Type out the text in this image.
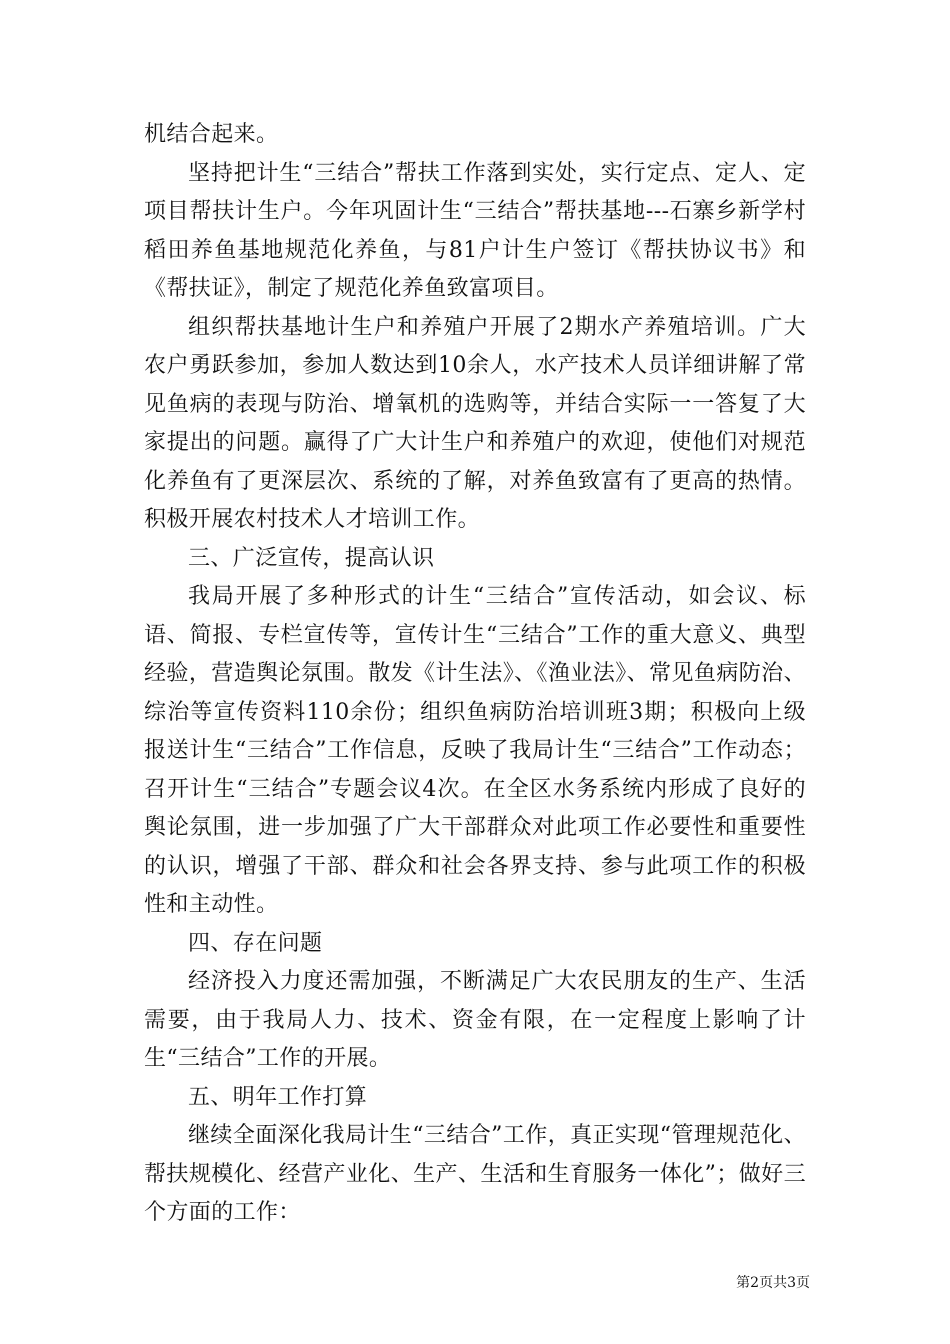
机结合起来。

坚持把计生“三结合”帮扶工作落到实处，实行定点、定人、定项目帮扶计生户。今年巩固计生“三结合”帮扶基地---石寨乡新学村稻田养鱼基地规范化养鱼，与81户计生户签订《帮扶协议书》和《帮扶证》，制定了规范化养鱼致富项目。

组织帮扶基地计生户和养殖户开展了2期水产养殖培训。广大农户勇跃参加，参加人数达到10余人，水产技术人员详细讲解了常见鱼病的表现与防治、增氧机的选购等，并结合实际一一答复了大家提出的问题。赢得了广大计生户和养殖户的欢迎，使他们对规范化养鱼有了更深层次、系统的了解，对养鱼致富有了更高的热情。积极开展农村技术人才培训工作。

三、广泛宣传，提高认识

我局开展了多种形式的计生“三结合”宣传活动，如会议、标语、简报、专栏宣传等，宣传计生“三结合”工作的重大意义、典型经验，营造舆论氛围。散发《计生法》、《渔业法》、常见鱼病防治、综治等宣传资料110余份；组织鱼病防治培训班3期；积极向上级报送计生“三结合”工作信息，反映了我局计生“三结合”工作动态；召开计生“三结合”专题会议4次。在全区水务系统内形成了良好的舆论氛围，进一步加强了广大干部群众对此项工作必要性和重要性的认识，增强了干部、群众和社会各界支持、参与此项工作的积极性和主动性。

四、存在问题

经济投入力度还需加强，不断满足广大农民朋友的生产、生活需要，由于我局人力、技术、资金有限，在一定程度上影响了计生“三结合”工作的开展。

五、明年工作打算

继续全面深化我局计生“三结合”工作，真正实现“管理规范化、帮扶规模化、经营产业化、生产、生活和生育服务一体化”；做好三个方面的工作：

第2页共3页
